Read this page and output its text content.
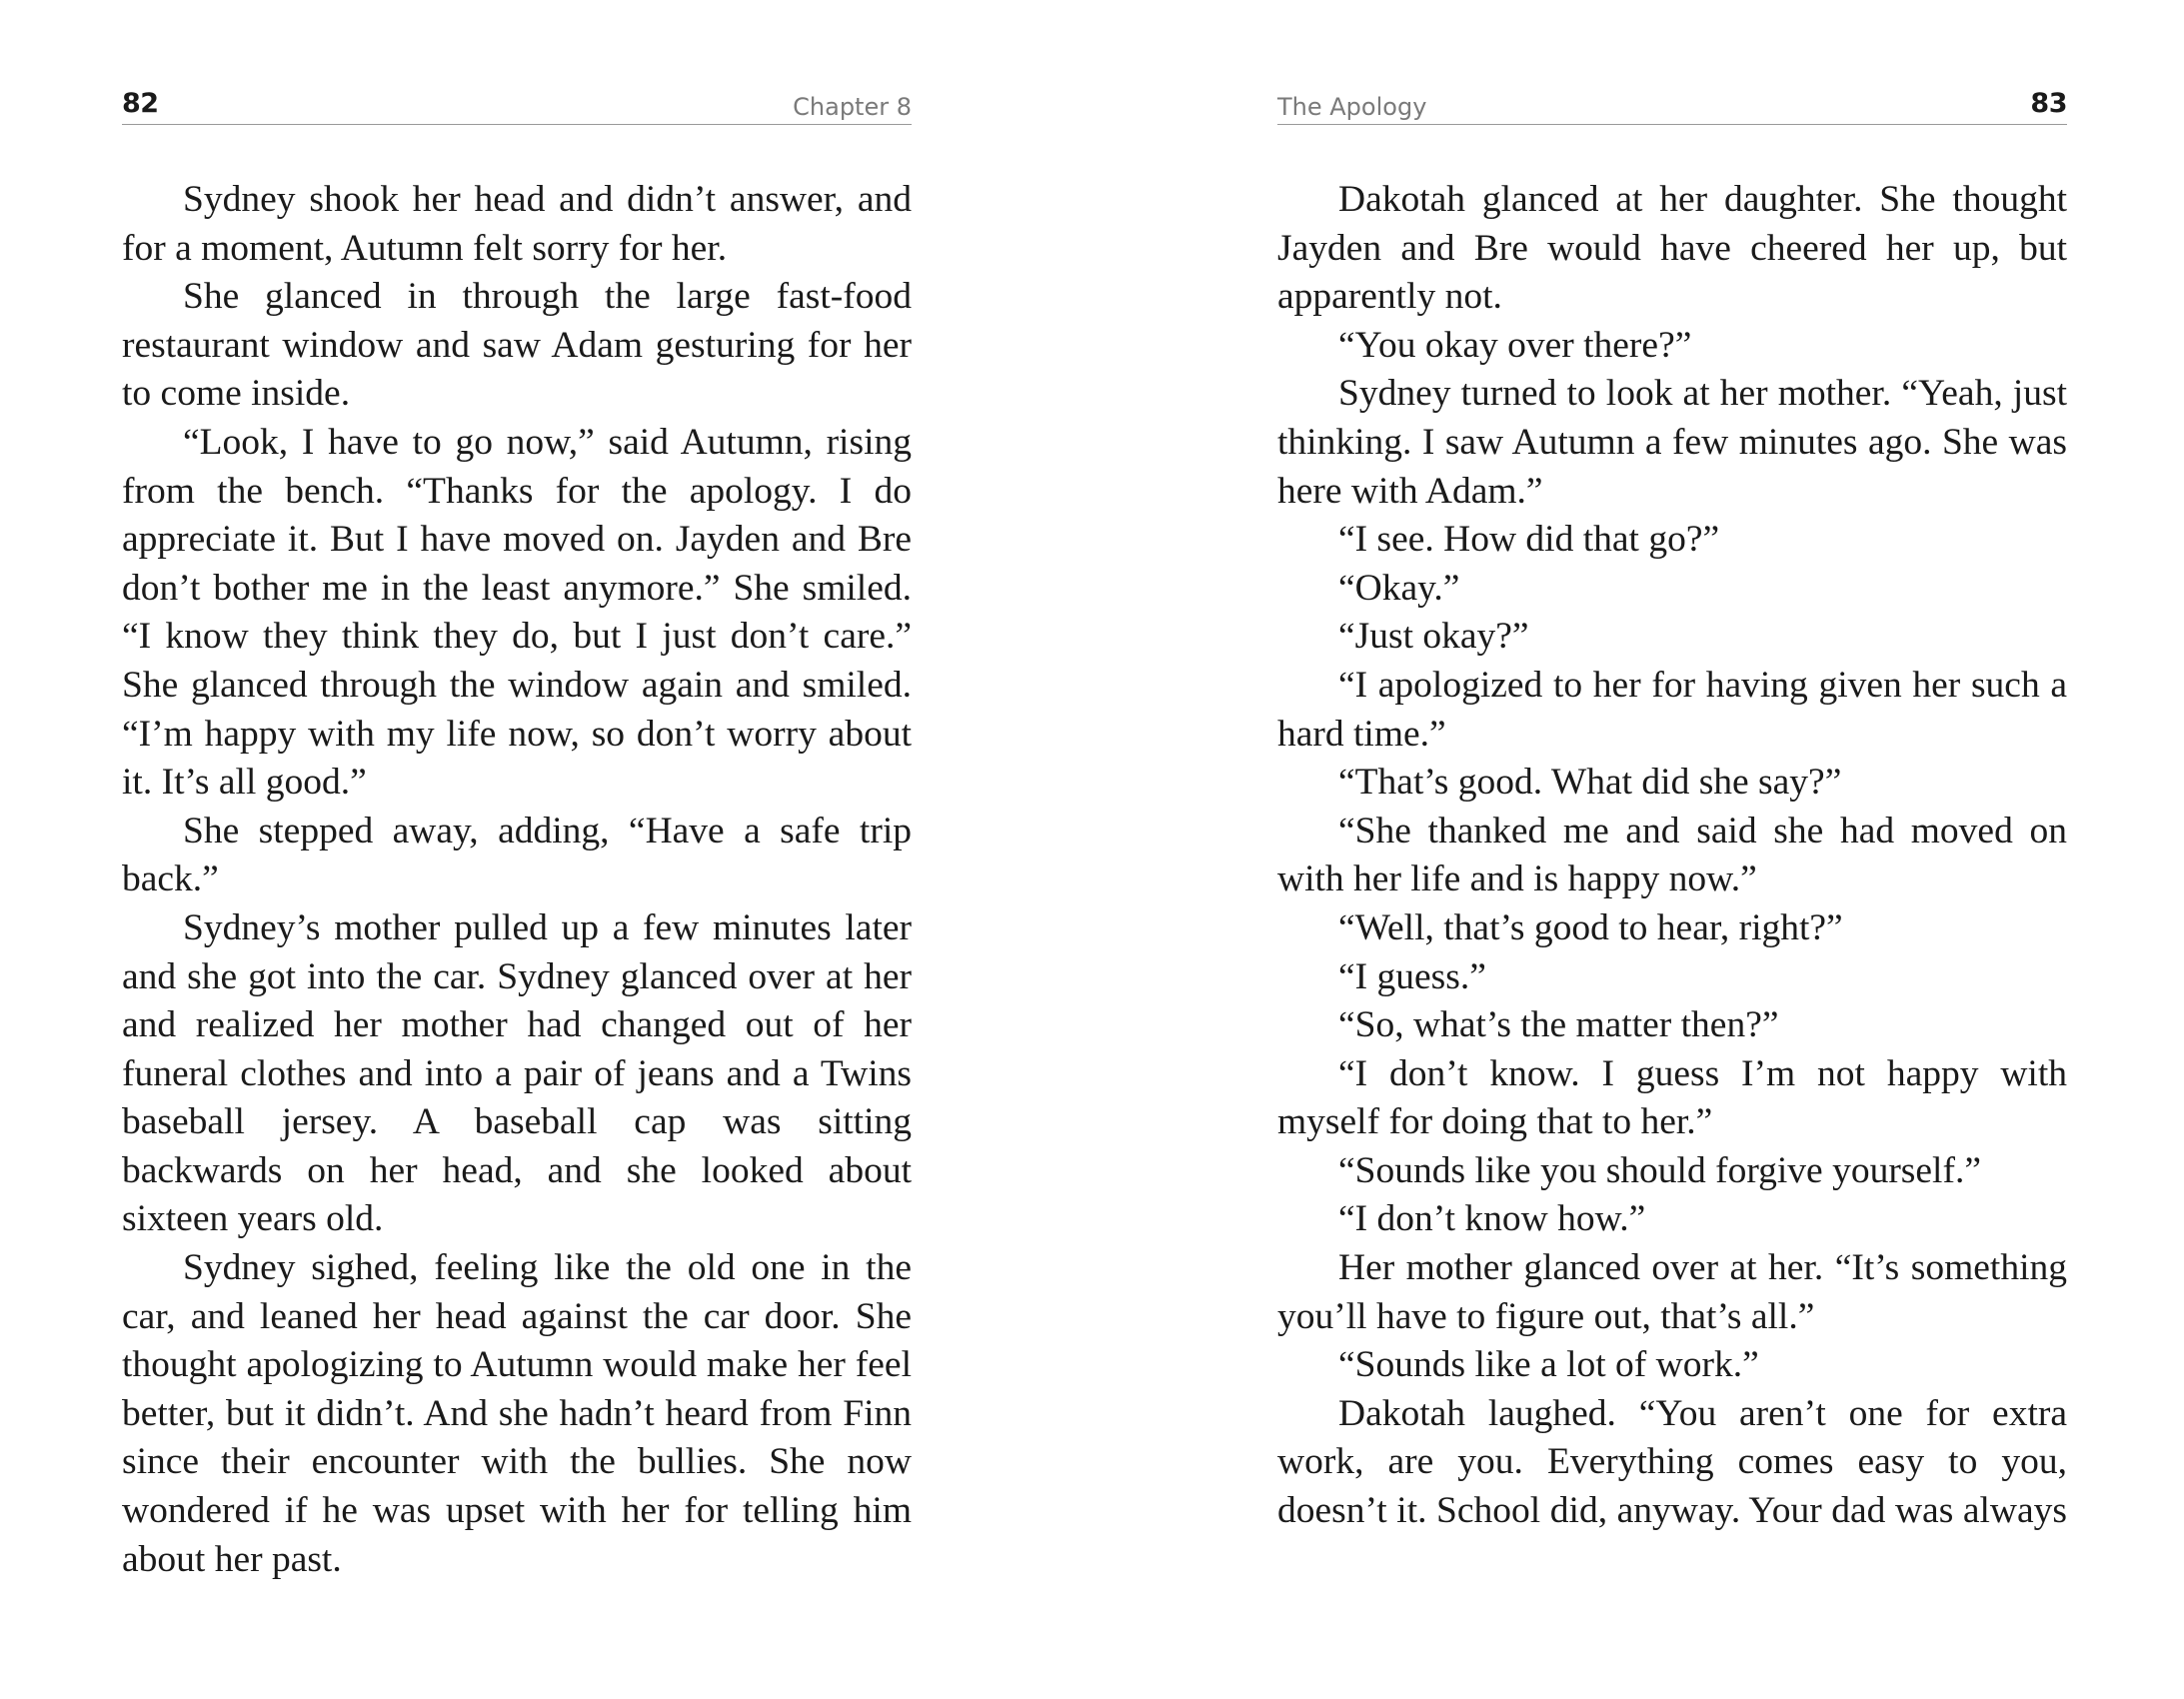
82	Chapter 8

Sydney shook her head and didn’t answer, and for a moment, Autumn felt sorry for her.

She glanced in through the large fast-food restaurant window and saw Adam gesturing for her to come inside.

“Look, I have to go now,” said Autumn, rising from the bench. “Thanks for the apology. I do appreciate it. But I have moved on. Jayden and Bre don’t bother me in the least anymore.” She smiled. “I know they think they do, but I just don’t care.” She glanced through the window again and smiled. “I’m happy with my life now, so don’t worry about it. It’s all good.”

She stepped away, adding, “Have a safe trip back.”

Sydney’s mother pulled up a few minutes later and she got into the car. Sydney glanced over at her and realized her mother had changed out of her funeral clothes and into a pair of jeans and a Twins baseball jersey. A baseball cap was sitting backwards on her head, and she looked about sixteen years old.

Sydney sighed, feeling like the old one in the car, and leaned her head against the car door. She thought apologizing to Autumn would make her feel better, but it didn’t. And she hadn’t heard from Finn since their encounter with the bullies. She now wondered if he was upset with her for telling him about her past.

The Apology	83

Dakotah glanced at her daughter. She thought Jayden and Bre would have cheered her up, but apparently not.

“You okay over there?”

Sydney turned to look at her mother. “Yeah, just thinking. I saw Autumn a few minutes ago. She was here with Adam.”

“I see. How did that go?”

“Okay.”

“Just okay?”

“I apologized to her for having given her such a hard time.”

“That’s good. What did she say?”

“She thanked me and said she had moved on with her life and is happy now.”

“Well, that’s good to hear, right?”

“I guess.”

“So, what’s the matter then?”

“I don’t know. I guess I’m not happy with myself for doing that to her.”

“Sounds like you should forgive yourself.”

“I don’t know how.”

Her mother glanced over at her. “It’s something you’ll have to figure out, that’s all.”

“Sounds like a lot of work.”

Dakotah laughed. “You aren’t one for extra work, are you. Everything comes easy to you, doesn’t it. School did, anyway. Your dad was always
